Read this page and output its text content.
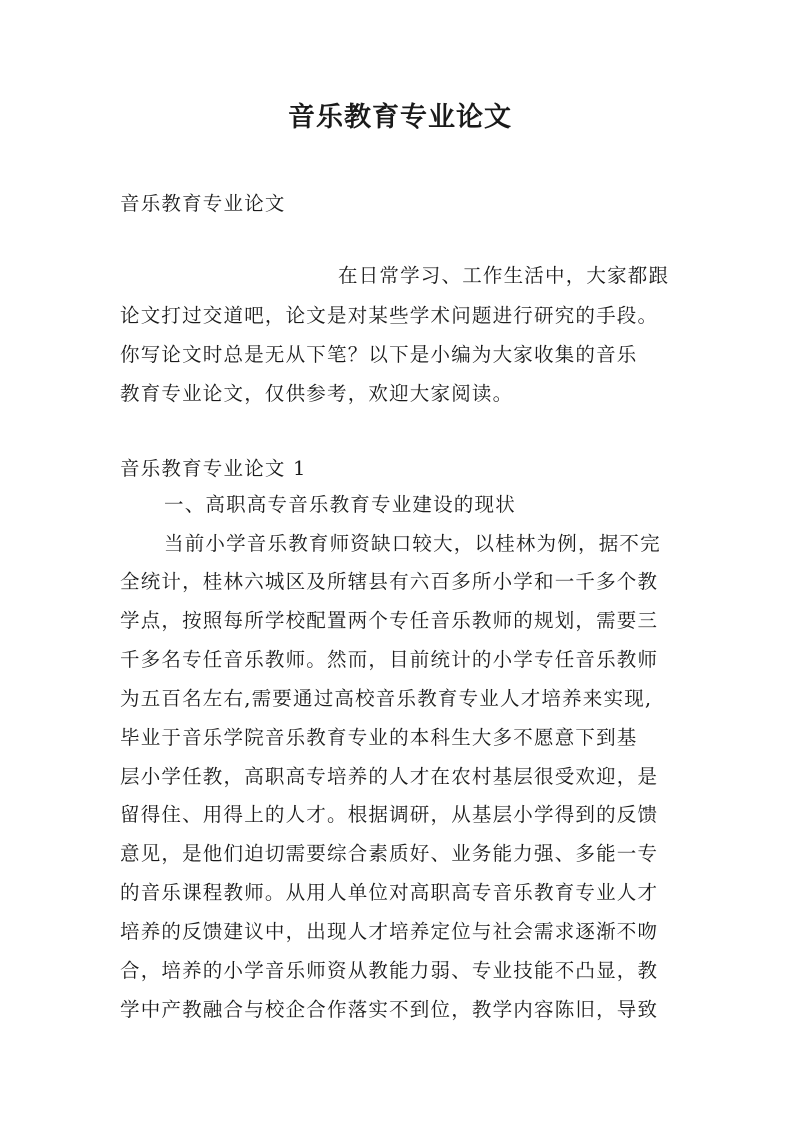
音乐教育专业论文
音乐教育专业论文
在日常学习、工作生活中，大家都跟
论文打过交道吧，论文是对某些学术问题进行研究的手段。
你写论文时总是无从下笔？以下是小编为大家收集的音乐
教育专业论文，仅供参考，欢迎大家阅读。
音乐教育专业论文 1
一、高职高专音乐教育专业建设的现状
当前小学音乐教育师资缺口较大，以桂林为例，据不完
全统计，桂林六城区及所辖县有六百多所小学和一千多个教
学点，按照每所学校配置两个专任音乐教师的规划，需要三
千多名专任音乐教师。然而，目前统计的小学专任音乐教师
为五百名左右,需要通过高校音乐教育专业人才培养来实现,
毕业于音乐学院音乐教育专业的本科生大多不愿意下到基
层小学任教，高职高专培养的人才在农村基层很受欢迎，是
留得住、用得上的人才。根据调研，从基层小学得到的反馈
意见，是他们迫切需要综合素质好、业务能力强、多能一专
的音乐课程教师。从用人单位对高职高专音乐教育专业人才
培养的反馈建议中，出现人才培养定位与社会需求逐渐不吻
合，培养的小学音乐师资从教能力弱、专业技能不凸显，教
学中产教融合与校企合作落实不到位，教学内容陈旧，导致
